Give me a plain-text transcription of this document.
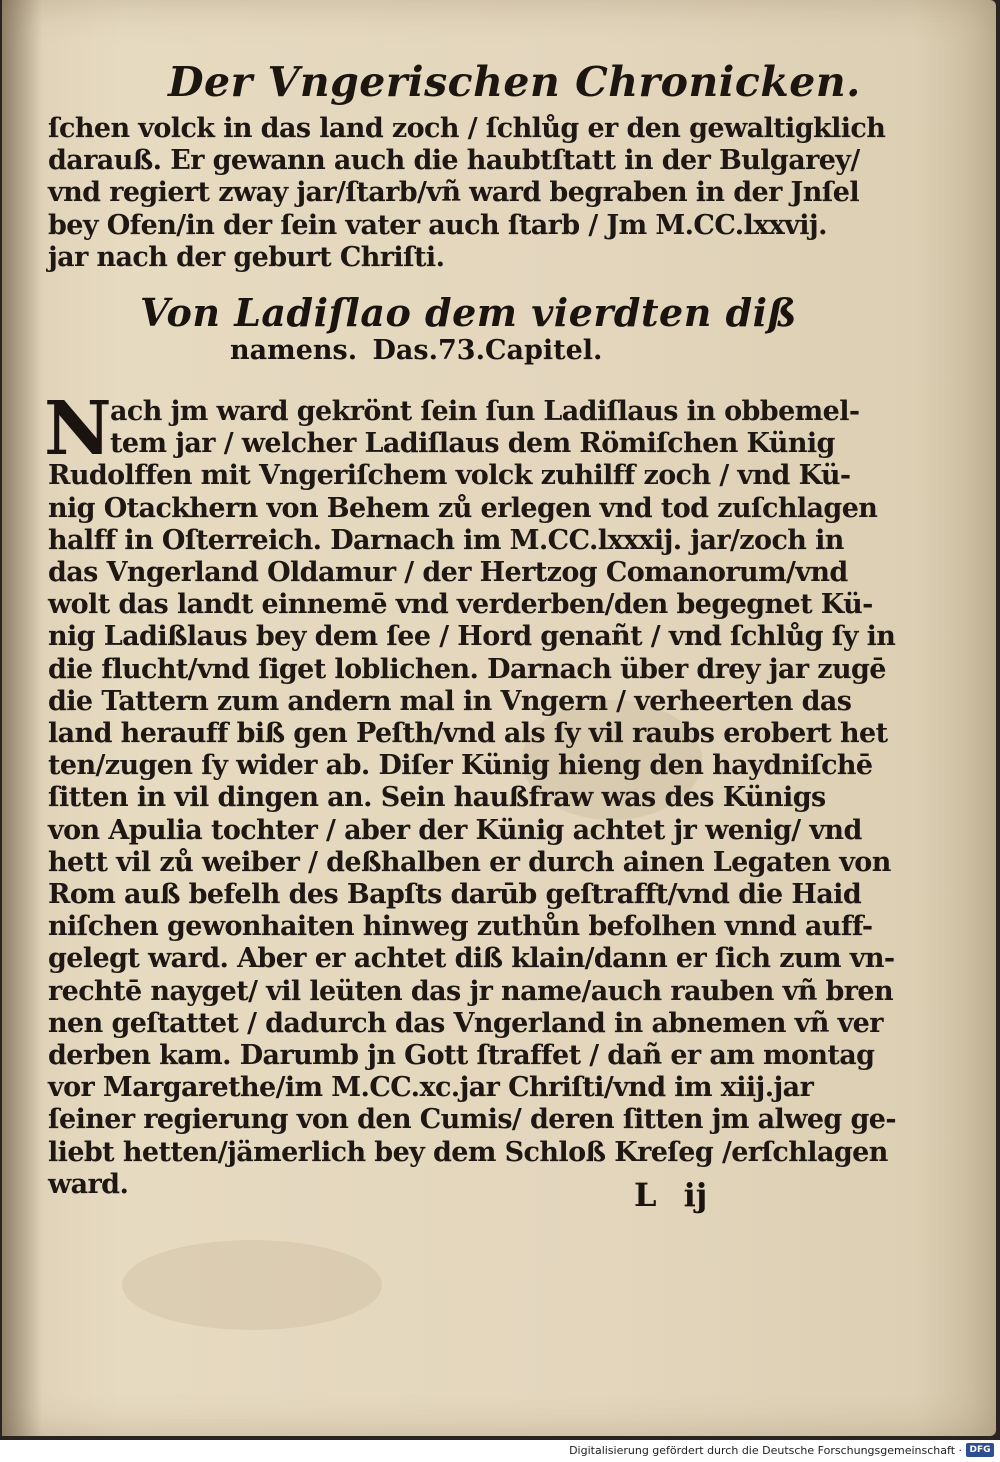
Der Vngerischen Chronicken.
ſchen volck in das land zoch / ſchlůg er den gewaltigklich
darauß. Er gewann auch die haubtſtatt in der Bulgarey/
vnd regiert zway jar/ſtarb/vñ ward begraben in der Jnſel
bey Ofen/in der ſein vater auch ſtarb / Jm M.CC.lxxvij.
jar nach der geburt Chriſti.
Von Ladiſlao dem vierdten diß
namens. Das.73.Capitel.
N
ach jm ward gekrönt ſein ſun Ladiſlaus in obbemel-
tem jar / welcher Ladiſlaus dem Römiſchen Künig
Rudolffen mit Vngeriſchem volck zuhilff zoch / vnd Kü-
nig Otackhern von Behem zů erlegen vnd tod zuſchlagen
halff in Oſterreich. Darnach im M.CC.lxxxij. jar/zoch in
das Vngerland Oldamur / der Hertzog Comanorum/vnd
wolt das landt einnemē vnd verderben/den begegnet Kü-
nig Ladißlaus bey dem ſee / Hord genañt / vnd ſchlůg ſy in
die flucht/vnd ſiget loblichen. Darnach über drey jar zugē
die Tattern zum andern mal in Vngern / verheerten das
land herauff biß gen Peſth/vnd als ſy vil raubs erobert het
ten/zugen ſy wider ab. Diſer Künig hieng den haydniſchē
ſitten in vil dingen an. Sein haußfraw was des Künigs
von Apulia tochter / aber der Künig achtet jr wenig/ vnd
hett vil zů weiber / deßhalben er durch ainen Legaten von
Rom auß befelh des Bapſts darūb geſtrafft/vnd die Haid
niſchen gewonhaiten hinweg zuthůn befolhen vnnd auff-
gelegt ward. Aber er achtet diß klain/dann er ſich zum vn-
rechtē nayget/ vil leüten das jr name/auch rauben vñ bren
nen geſtattet / dadurch das Vngerland in abnemen vñ ver
derben kam. Darumb jn Gott ſtraffet / dañ er am montag
vor Margarethe/im M.CC.xc.jar Chriſti/vnd im xiij.jar
ſeiner regierung von den Cumis/ deren ſitten jm alweg ge-
liebt hetten/jämerlich bey dem Schloß Kreſeg /erſchlagen
ward.	L ij
Digitalisierung gefördert durch die Deutsche Forschungsgemeinschaft · DFG
